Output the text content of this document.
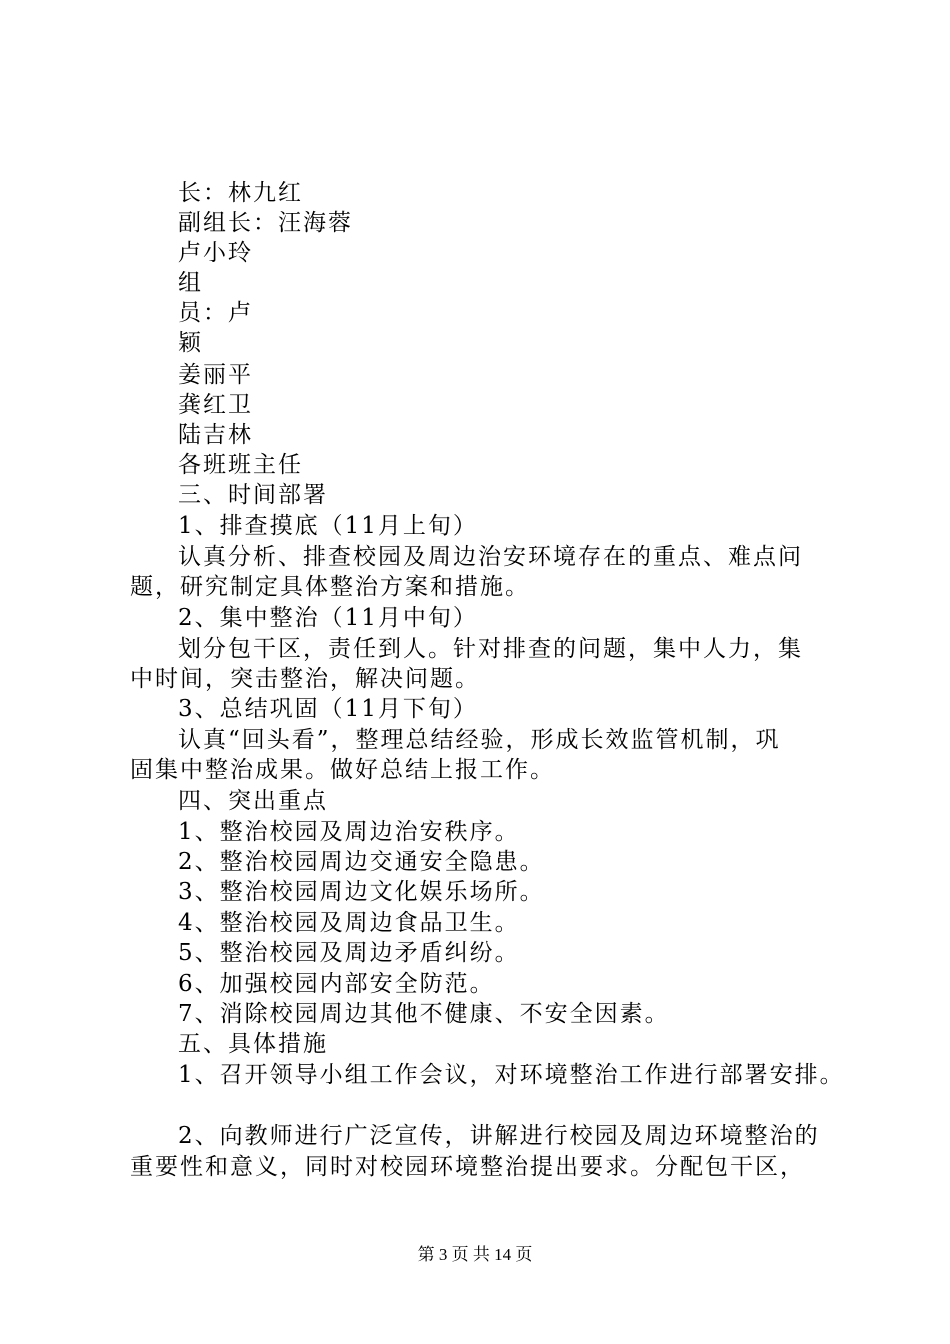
长：林九红
副组长：汪海蓉
卢小玲
组
员：卢
颖
姜丽平
龚红卫
陆吉林
各班班主任
三、时间部署
1、排查摸底（11月上旬）
认真分析、排查校园及周边治安环境存在的重点、难点问
题，研究制定具体整治方案和措施。
2、集中整治（11月中旬）
划分包干区，责任到人。针对排查的问题，集中人力，集
中时间，突击整治，解决问题。
3、总结巩固（11月下旬）
认真“回头看”，整理总结经验，形成长效监管机制，巩
固集中整治成果。做好总结上报工作。
四、突出重点
1、整治校园及周边治安秩序。
2、整治校园周边交通安全隐患。
3、整治校园周边文化娱乐场所。
4、整治校园及周边食品卫生。
5、整治校园及周边矛盾纠纷。
6、加强校园内部安全防范。
7、消除校园周边其他不健康、不安全因素。
五、具体措施
1、召开领导小组工作会议，对环境整治工作进行部署安排。
2、向教师进行广泛宣传，讲解进行校园及周边环境整治的
重要性和意义，同时对校园环境整治提出要求。分配包干区，
第 3 页 共 14 页
